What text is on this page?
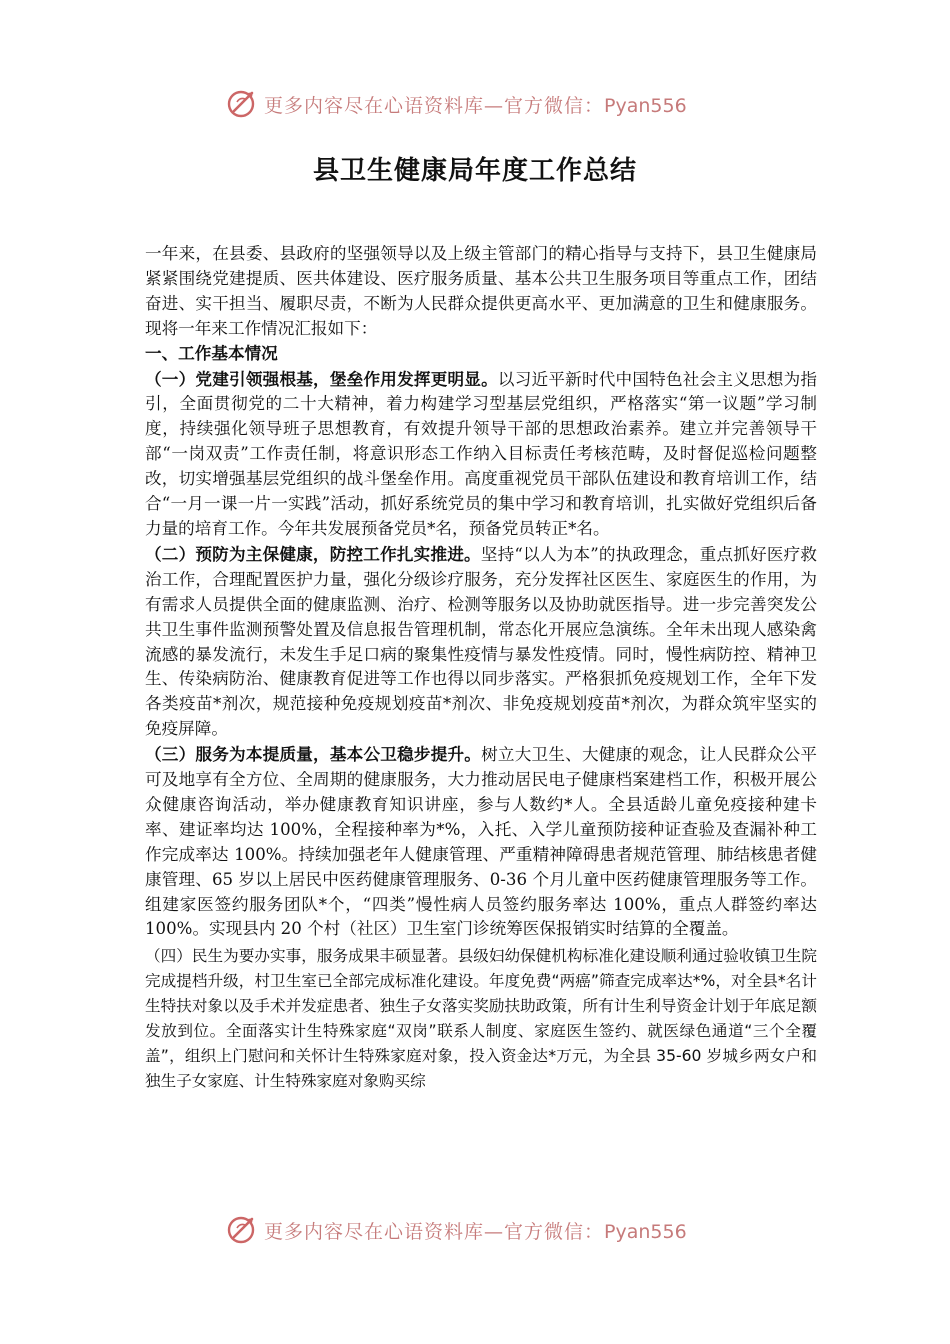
更多内容尽在心语资料库—官方微信：Pyan556
县卫生健康局年度工作总结

一年来，在县委、县政府的坚强领导以及上级主管部门的精心指导与支持下，县卫生健康局紧紧围绕党建提质、医共体建设、医疗服务质量、基本公共卫生服务项目等重点工作，团结奋进、实干担当、履职尽责，不断为人民群众提供更高水平、更加满意的卫生和健康服务。现将一年来工作情况汇报如下：

一、工作基本情况

（一）党建引领强根基，堡垒作用发挥更明显。以习近平新时代中国特色社会主义思想为指引，全面贯彻党的二十大精神，着力构建学习型基层党组织，严格落实“第一议题”学习制度，持续强化领导班子思想教育，有效提升领导干部的思想政治素养。建立并完善领导干部“一岗双责”工作责任制，将意识形态工作纳入目标责任考核范畴，及时督促巡检问题整改，切实增强基层党组织的战斗堡垒作用。高度重视党员干部队伍建设和教育培训工作，结合“一月一课一片一实践”活动，抓好系统党员的集中学习和教育培训，扎实做好党组织后备力量的培育工作。今年共发展预备党员*名，预备党员转正*名。

（二）预防为主保健康，防控工作扎实推进。坚持“以人为本”的执政理念，重点抓好医疗救治工作，合理配置医护力量，强化分级诊疗服务，充分发挥社区医生、家庭医生的作用，为有需求人员提供全面的健康监测、治疗、检测等服务以及协助就医指导。进一步完善突发公共卫生事件监测预警处置及信息报告管理机制，常态化开展应急演练。全年未出现人感染禽流感的暴发流行，未发生手足口病的聚集性疫情与暴发性疫情。同时，慢性病防控、精神卫生、传染病防治、健康教育促进等工作也得以同步落实。严格狠抓免疫规划工作，全年下发各类疫苗*剂次，规范接种免疫规划疫苗*剂次、非免疫规划疫苗*剂次，为群众筑牢坚实的免疫屏障。

（三）服务为本提质量，基本公卫稳步提升。树立大卫生、大健康的观念，让人民群众公平可及地享有全方位、全周期的健康服务，大力推动居民电子健康档案建档工作，积极开展公众健康咨询活动，举办健康教育知识讲座，参与人数约*人。全县适龄儿童免疫接种建卡率、建证率均达 100%，全程接种率为*%，入托、入学儿童预防接种证查验及查漏补种工作完成率达 100%。持续加强老年人健康管理、严重精神障碍患者规范管理、肺结核患者健康管理、65 岁以上居民中医药健康管理服务、0-36 个月儿童中医药健康管理服务等工作。组建家医签约服务团队*个，“四类”慢性病人员签约服务率达 100%，重点人群签约率达 100%。实现县内 20 个村（社区）卫生室门诊统筹医保报销实时结算的全覆盖。

（四）民生为要办实事，服务成果丰硕显著。县级妇幼保健机构标准化建设顺利通过验收镇卫生院完成提档升级，村卫生室已全部完成标准化建设。年度免费“两癌”筛查完成率达*%，对全县*名计生特扶对象以及手术并发症患者、独生子女落实奖励扶助政策，所有计生利导资金计划于年底足额发放到位。全面落实计生特殊家庭“双岗”联系人制度、家庭医生签约、就医绿色通道“三个全覆盖”，组织上门慰问和关怀计生特殊家庭对象，投入资金达*万元，为全县 35-60 岁城乡两女户和独生子女家庭、计生特殊家庭对象购买综

更多内容尽在心语资料库—官方微信：Pyan556
